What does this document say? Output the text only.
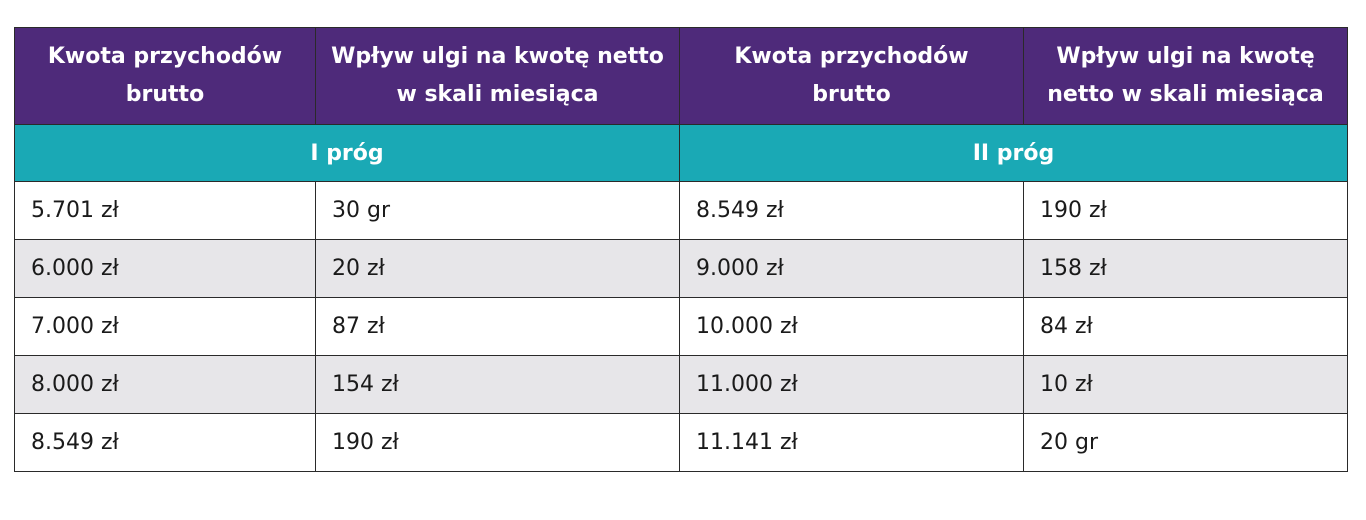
Kwota przychodów brutto	Wpływ ulgi na kwotę netto w skali miesiąca	Kwota przychodów brutto	Wpływ ulgi na kwotę netto w skali miesiąca
I próg		II próg	
5.701 zł	30 gr	8.549 zł	190 zł
6.000 zł	20 zł	9.000 zł	158 zł
7.000 zł	87 zł	10.000 zł	84 zł
8.000 zł	154 zł	11.000 zł	10 zł
8.549 zł	190 zł	11.141 zł	20 gr
